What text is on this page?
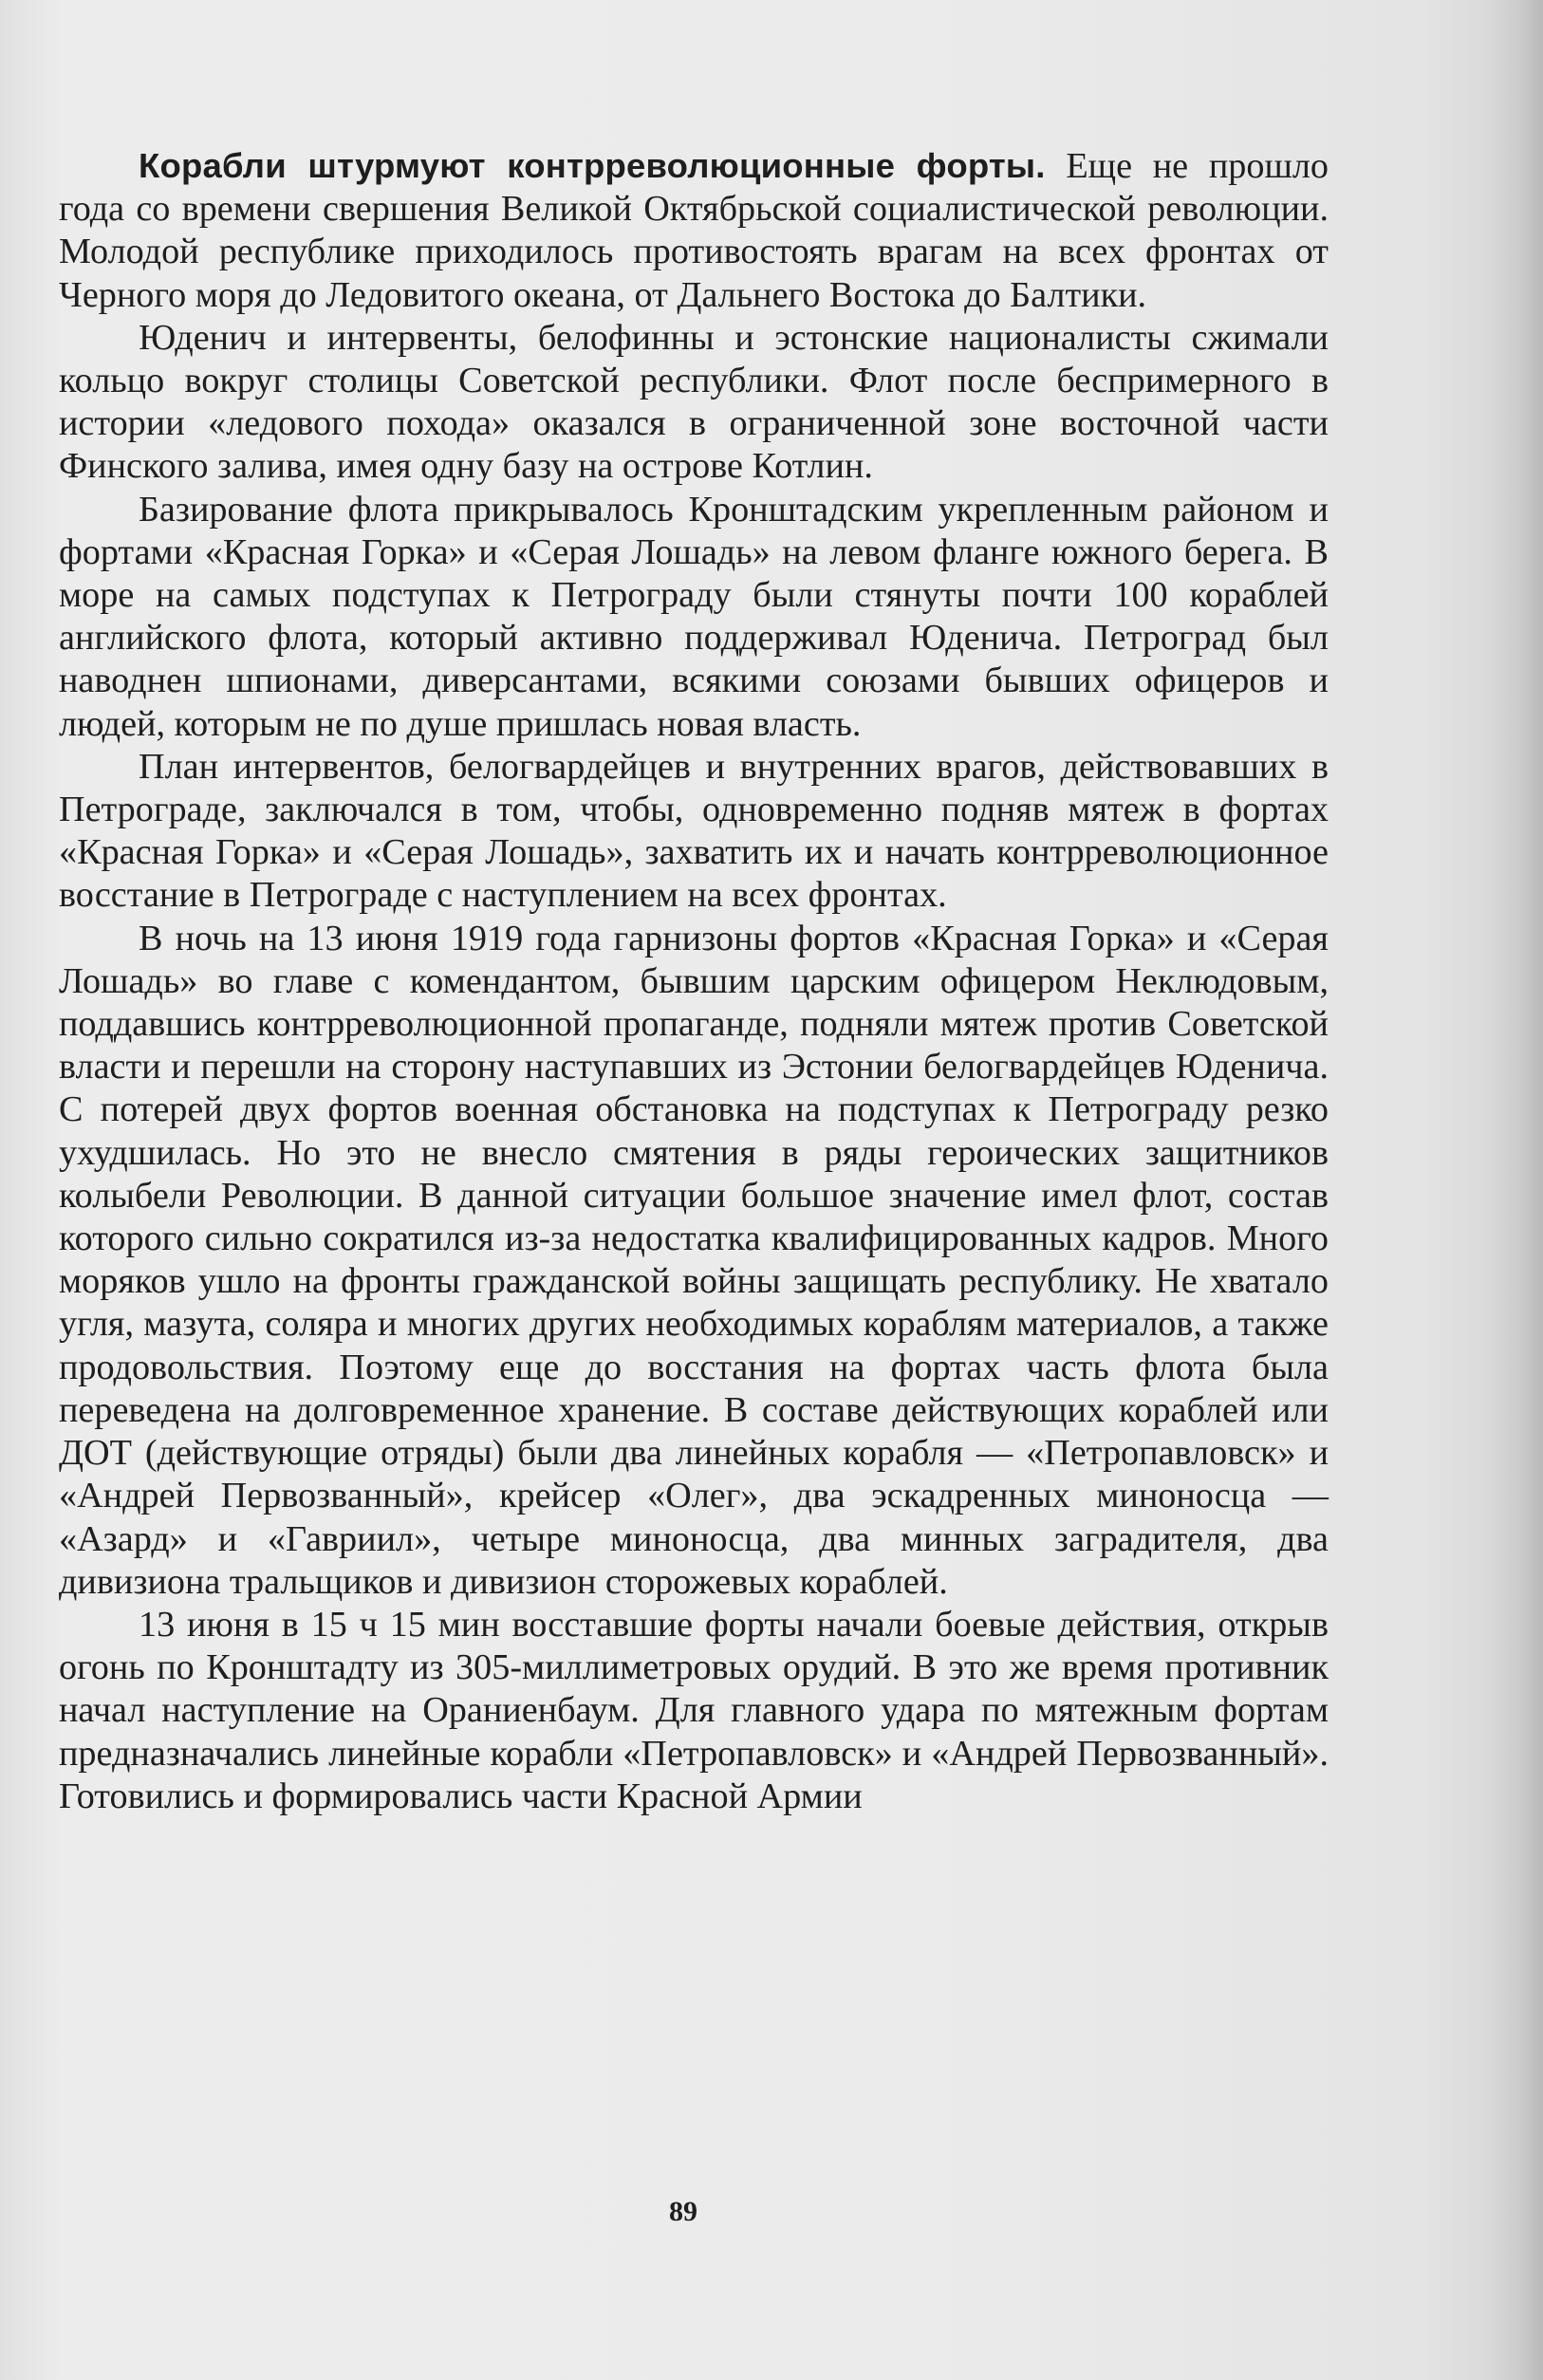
Корабли штурмуют контрреволюционные форты. Еще не прошло года со времени свершения Великой Октябрьской социалистической революции. Молодой республике приходилось противостоять врагам на всех фронтах от Черного моря до Ледовитого океана, от Дальнего Востока до Балтики.

Юденич и интервенты, белофинны и эстонские националисты сжимали кольцо вокруг столицы Советской республики. Флот после беспримерного в истории «ледового похода» оказался в ограниченной зоне восточной части Финского залива, имея одну базу на острове Котлин.

Базирование флота прикрывалось Кронштадским укрепленным районом и фортами «Красная Горка» и «Серая Лошадь» на левом фланге южного берега. В море на самых подступах к Петрограду были стянуты почти 100 кораблей английского флота, который активно поддерживал Юденича. Петроград был наводнен шпионами, диверсантами, всякими союзами бывших офицеров и людей, которым не по душе пришлась новая власть.

План интервентов, белогвардейцев и внутренних врагов, действовавших в Петрограде, заключался в том, чтобы, одновременно подняв мятеж в фортах «Красная Горка» и «Серая Лошадь», захватить их и начать контрреволюционное восстание в Петрограде с наступлением на всех фронтах.

В ночь на 13 июня 1919 года гарнизоны фортов «Красная Горка» и «Серая Лошадь» во главе с комендантом, бывшим царским офицером Неклюдовым, поддавшись контрреволюционной пропаганде, подняли мятеж против Советской власти и перешли на сторону наступавших из Эстонии белогвардейцев Юденича. С потерей двух фортов военная обстановка на подступах к Петрограду резко ухудшилась. Но это не внесло смятения в ряды героических защитников колыбели Революции. В данной ситуации большое значение имел флот, состав которого сильно сократился из-за недостатка квалифицированных кадров. Много моряков ушло на фронты гражданской войны защищать республику. Не хватало угля, мазута, соляра и многих других необходимых кораблям материалов, а также продовольствия. Поэтому еще до восстания на фортах часть флота была переведена на долговременное хранение. В составе действующих кораблей или ДОТ (действующие отряды) были два линейных корабля — «Петропавловск» и «Андрей Первозванный», крейсер «Олег», два эскадренных миноносца — «Азард» и «Гавриил», четыре миноносца, два минных заградителя, два дивизиона тральщиков и дивизион сторожевых кораблей.

13 июня в 15 ч 15 мин восставшие форты начали боевые действия, открыв огонь по Кронштадту из 305-миллиметровых орудий. В это же время противник начал наступление на Ораниенбаум. Для главного удара по мятежным фортам предназначались линейные корабли «Петропавловск» и «Андрей Первозванный». Готовились и формировались части Красной Армии

89
